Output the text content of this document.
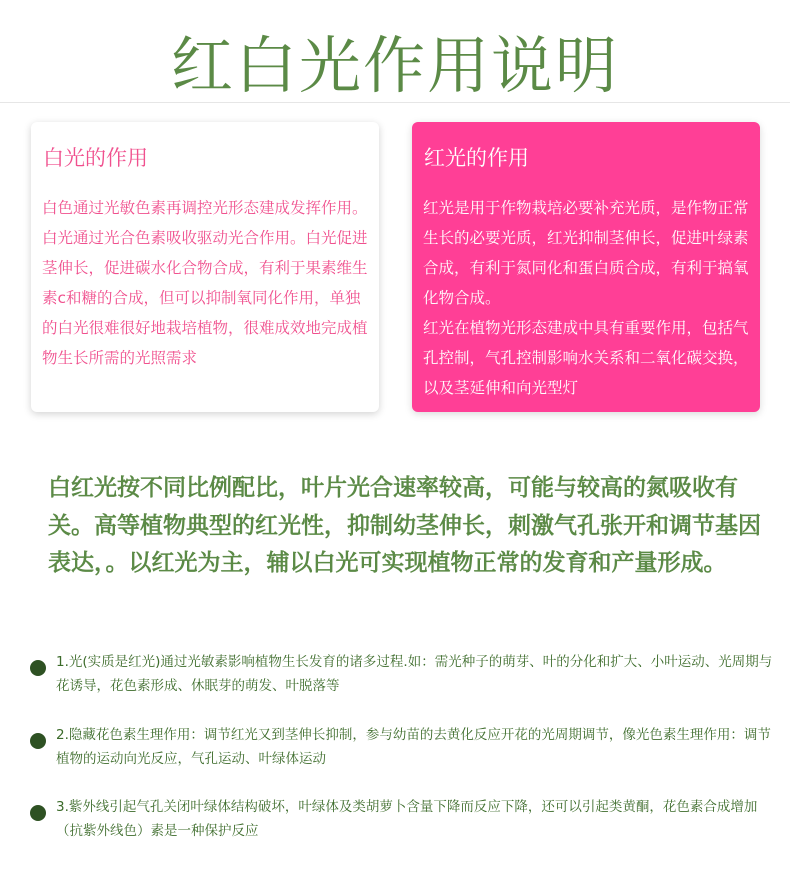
红白光作用说明
白光的作用

白色通过光敏色素再调控光形态建成发挥作用。白光通过光合色素吸收驱动光合作用。白光促进茎伸长，促进碳水化合物合成，有利于果素维生素c和糖的合成，但可以抑制氧同化作用，单独的白光很难很好地栽培植物，很难成效地完成植物生长所需的光照需求

红光的作用

红光是用于作物栽培必要补充光质，是作物正常生长的必要光质，红光抑制茎伸长，促进叶绿素合成，有利于氮同化和蛋白质合成，有利于搞氧化物合成。

红光在植物光形态建成中具有重要作用，包括气孔控制，气孔控制影响水关系和二氧化碳交换，以及茎延伸和向光型灯

白红光按不同比例配比，叶片光合速率较高，可能与较高的氮吸收有关。高等植物典型的红光性，抑制幼茎伸长，刺激气孔张开和调节基因表达，。以红光为主，辅以白光可实现植物正常的发育和产量形成。

1.光(实质是红光)通过光敏素影响植物生长发育的诸多过程.如：需光种子的萌芽、叶的分化和扩大、小叶运动、光周期与花诱导，花色素形成、休眠芽的萌发、叶脱落等

2.隐藏花色素生理作用：调节红光又到茎伸长抑制，参与幼苗的去黄化反应开花的光周期调节，像光色素生理作用：调节植物的运动向光反应，气孔运动、叶绿体运动

3.紫外线引起气孔关闭叶绿体结构破坏，叶绿体及类胡萝卜含量下降而反应下降，还可以引起类黄酮，花色素合成增加（抗紫外线色）素是一种保护反应
